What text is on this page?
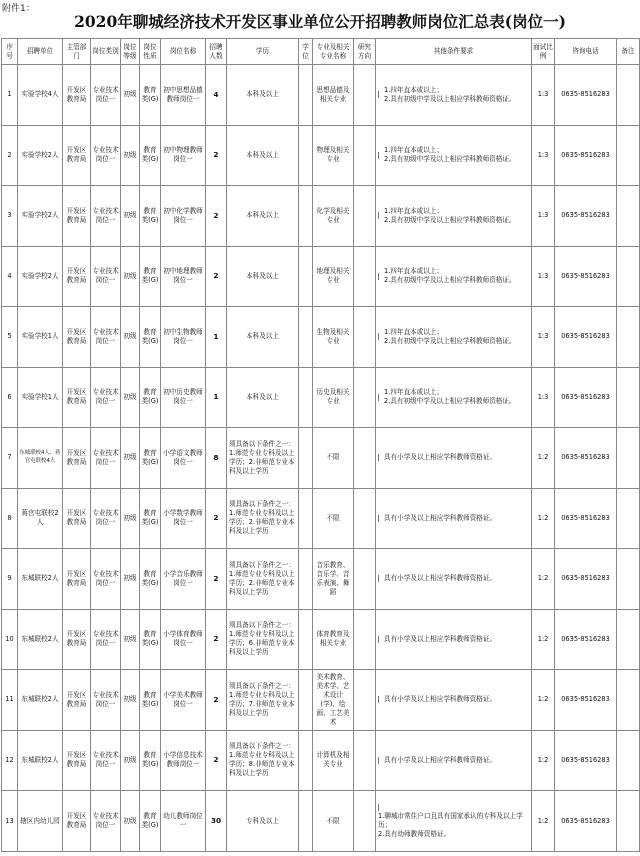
附件1：
2020年聊城经济技术开发区事业单位公开招聘教师岗位汇总表(岗位一)
序号	招聘单位	主管部门	岗位类别	岗位等级	岗位性质	岗位名称	招聘人数	学历	学位	专业及相关专业名称	研究方向	其他条件要求	面试比例	咨询电话	备注
1	实验学校4人	开发区教育局	专业技术岗位一	初级	教育类(G)	初中思想品德教师岗位一	4	本科及以上		思想品德及相关专业		1.四年直本或以上；
2.具有初级中学及以上相应学科教师资格证。	1:3	0635-8516283	
2	实验学校2人	开发区教育局	专业技术岗位一	初级	教育类(G)	初中物理教师岗位一	2	本科及以上		物理及相关专业		1.四年直本或以上；
2.具有初级中学及以上相应学科教师资格证。	1:3	0635-8516283	
3	实验学校2人	开发区教育局	专业技术岗位一	初级	教育类(G)	初中化学教师岗位一	2	本科及以上		化学及相关专业		1.四年直本或以上；
2.具有初级中学及以上相应学科教师资格证。	1:3	0635-8516283	
4	实验学校2人	开发区教育局	专业技术岗位一	初级	教育类(G)	初中地理教师岗位一	2	本科及以上		地理及相关专业		1.四年直本或以上；
2.具有初级中学及以上相应学科教师资格证。	1:3	0635-8516283	
5	实验学校1人	开发区教育局	专业技术岗位一	初级	教育类(G)	初中生物教师岗位一	1	本科及以上		生物及相关专业		1.四年直本或以上；
2.具有初级中学及以上相应学科教师资格证。	1:3	0635-8516283	
6	实验学校1人	开发区教育局	专业技术岗位一	初级	教育类(G)	初中历史教师岗位一	1	本科及以上		历史及相关专业		1.四年直本或以上；
2.具有初级中学及以上相应学科教师资格证。	1:3	0635-8516283	
7	东城联校4人、蒋官屯联校4人	开发区教育局	专业技术岗位一	初级	教育类(G)	小学语文教师岗位一	8	须具备以下条件之一：1.师范专业专科及以上学历；2.非师范专业本科及以上学历		不限		具有小学及以上相应学科教师资格证。	1:2	0635-8516283	
8	蒋官屯联校2人	开发区教育局	专业技术岗位一	初级	教育类(G)	小学数学教师岗位一	2	须具备以下条件之一：1.师范专业专科及以上学历；2.非师范专业本科及以上学历		不限		具有小学及以上相应学科教师资格证。	1:2	0635-8516283	
9	东城联校2人	开发区教育局	专业技术岗位一	初级	教育类(G)	小学音乐教师岗位一	2	须具备以下条件之一：1.师范专业专科及以上学历；2.非师范专业本科及以上学历		音乐教育、音乐学、音乐表演、舞蹈		具有小学及以上相应学科教师资格证。	1:2	0635-8516283	
10	东城联校2人	开发区教育局	专业技术岗位一	初级	教育类(G)	小学体育教师岗位一	2	须具备以下条件之一：1.师范专业专科及以上学历；6.非师范专业本科及以上学历		体育教育及相关专业		具有小学及以上相应学科教师资格证。	1:2	0635-8516283	
11	东城联校2人	开发区教育局	专业技术岗位一	初级	教育类(G)	小学美术教师岗位一	2	须具备以下条件之一：1.师范专业专科及以上学历；7.非师范专业本科及以上学历		美术教育、美术学、艺术设计(学)、绘画、工艺美术		具有小学及以上相应学科教师资格证。	1:2	0635-8516283	
12	东城联校2人	开发区教育局	专业技术岗位一	初级	教育类(G)	小学信息技术教师岗位一	2	须具备以下条件之一：1.师范专业专科及以上学历；8.非师范专业本科及以上学历		计算机及相关专业		具有小学及以上相应学科教师资格证。	1:2	0635-8516283	
13	辖区内幼儿园	开发区教育局	专业技术岗位一	初级	教育类(G)	幼儿教师岗位一	30	专科及以上		不限		1.聊城市常住户口且具有国家承认的专科及以上学历；
2.具有幼师教师资格证。	1:2	0635-8516283	
